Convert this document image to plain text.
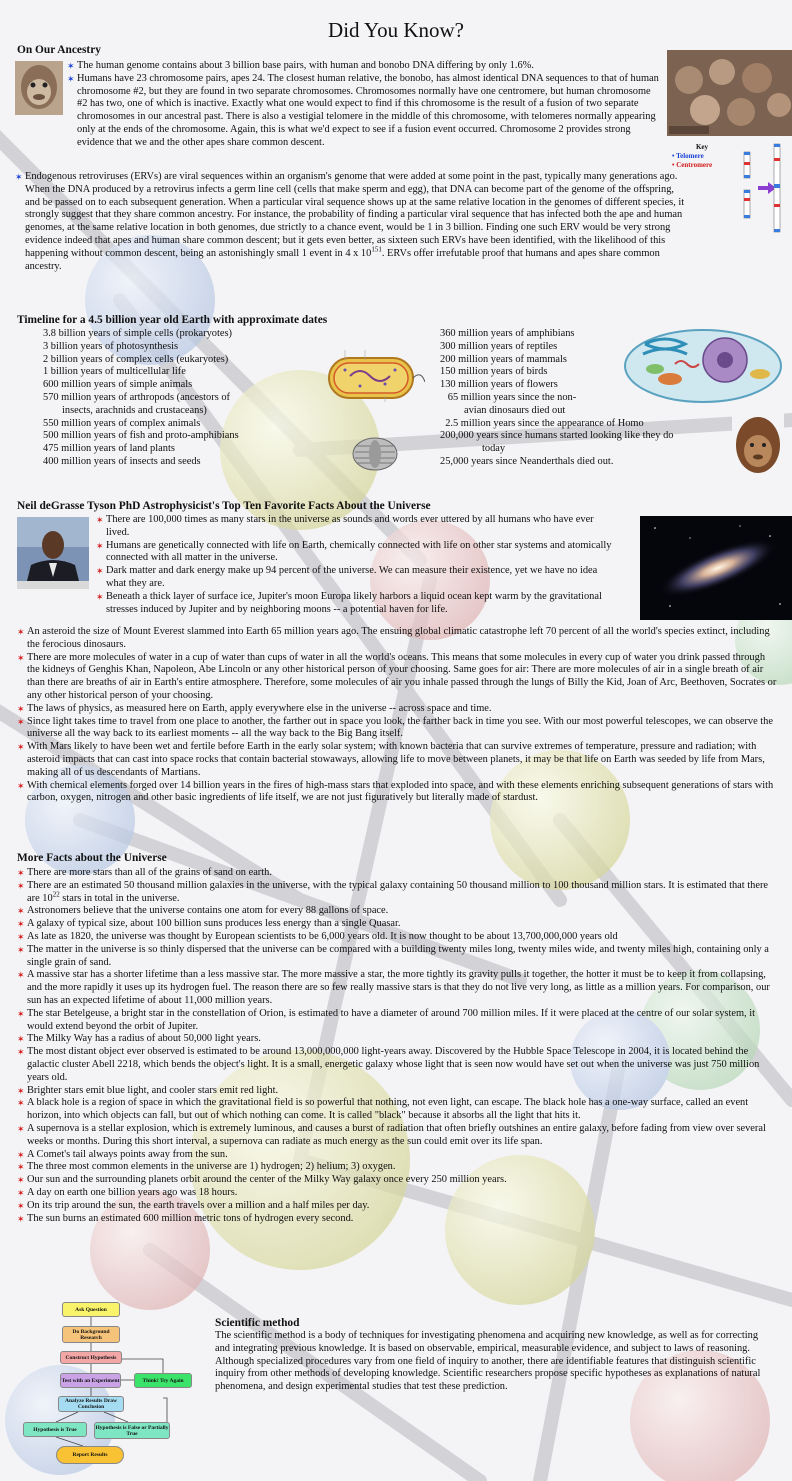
Did You Know?
On Our Ancestry
✶ The human genome contains about 3 billion base pairs, with human and bonobo DNA differing by only 1.6%.
✶ Humans have 23 chromosome pairs, apes 24. The closest human relative, the bonobo, has almost identical DNA sequences to that of human chromosome #2, but they are found in two separate chromosomes. Chromosomes normally have one centromere, but human chromosome #2 has two, one of which is inactive. Exactly what one would expect to find if this chromosome is the result of a fusion of two separate chromosomes in our ancestral past. There is also a vestigial telomere in the middle of this chromosome, with telomeres normally appearing only at the ends of the chromosome. Again, this is what we'd expect to see if a fusion event occurred. Chromosome 2 provides strong evidence that we and the other apes share common descent.	Key
• Telomere
• Centromere
✶ Endogenous retroviruses (ERVs) are viral sequences within an organism's genome that were added at some point in the past, typically many generations ago. When the DNA produced by a retrovirus infects a germ line cell (cells that make sperm and egg), that DNA can become part of the genome of the offspring, and be passed on to each subsequent generation. When a particular viral sequence shows up at the same relative location in the genomes of different species, it strongly suggest that they share common ancestry. For instance, the probability of finding a particular viral sequence that has infected both the ape and human genomes, at the same relative location in both genomes, due strictly to a chance event, would be 1 in 3 billion. Finding one such ERV would be very strong evidence indeed that apes and human share common descent; but it gets even better, as sixteen such ERVs have been identified, with the likelihood of this happening without common descent, being an astonishingly small 1 event in 4 x $10^{151}$. ERVs offer irrefutable proof that humans and apes share common ancestry.
Timeline for a 4.5 billion year old Earth with approximate dates
3.8 billion years of simple cells (prokaryotes)
3 billion years of photosynthesis
2 billion years of complex cells (eukaryotes)
1 billion years of multicellular life
600 million years of simple animals
570 million years of arthropods (ancestors of
insects, arachnids and crustaceans)
550 million years of complex animals
500 million years of fish and proto-amphibians
475 million years of land plants
400 million years of insects and seeds
360 million years of amphibians
300 million years of reptiles
200 million years of mammals
150 million years of birds
130 million years of flowers
65 million years since the non-
avian dinosaurs died out
2.5 million years since the appearance of Homo
200,000 years since humans started looking like they do
today
25,000 years since Neanderthals died out.
Neil deGrasse Tyson PhD Astrophysicist's Top Ten Favorite Facts About the Universe
✶ There are 100,000 times as many stars in the universe as sounds and words ever uttered by all humans who have ever lived.
✶ Humans are genetically connected with life on Earth, chemically connected with life on other star systems and atomically connected with all matter in the universe.
✶ Dark matter and dark energy make up 94 percent of the universe. We can measure their existence, yet we have no idea what they are.
✶ Beneath a thick layer of surface ice, Jupiter's moon Europa likely harbors a liquid ocean kept warm by the gravitational stresses induced by Jupiter and by neighboring moons -- a potential haven for life.
✶ An asteroid the size of Mount Everest slammed into Earth 65 million years ago. The ensuing global climatic catastrophe left 70 percent of all the world's species extinct, including the ferocious dinosaurs.
✶ There are more molecules of water in a cup of water than cups of water in all the world's oceans. This means that some molecules in every cup of water you drink passed through the kidneys of Genghis Khan, Napoleon, Abe Lincoln or any other historical person of your choosing. Same goes for air: There are more molecules of air in a single breath of air than there are breaths of air in Earth's entire atmosphere. Therefore, some molecules of air you inhale passed through the lungs of Billy the Kid, Joan of Arc, Beethoven, Socrates or any other historical person of your choosing.
✶ The laws of physics, as measured here on Earth, apply everywhere else in the universe -- across space and time.
✶ Since light takes time to travel from one place to another, the farther out in space you look, the farther back in time you see. With our most powerful telescopes, we can observe the universe all the way back to its earliest moments -- all the way back to the Big Bang itself.
✶ With Mars likely to have been wet and fertile before Earth in the early solar system; with known bacteria that can survive extremes of temperature, pressure and radiation; with asteroid impacts that can cast into space rocks that contain bacterial stowaways, allowing life to move between planets, it may be that life on Earth was seeded by life from Mars, making all of us descendants of Martians.
✶ With chemical elements forged over 14 billion years in the fires of high-mass stars that exploded into space, and with these elements enriching subsequent generations of stars with carbon, oxygen, nitrogen and other basic ingredients of life itself, we are not just figuratively but literally made of stardust.
More Facts about the Universe
✶ There are more stars than all of the grains of sand on earth.
✶ There are an estimated 50 thousand million galaxies in the universe, with the typical galaxy containing 50 thousand million to 100 thousand million stars. It is estimated that there are $10^{22}$ stars in total in the universe.
✶ Astronomers believe that the universe contains one atom for every 88 gallons of space.
✶ A galaxy of typical size, about 100 billion suns produces less energy than a single Quasar.
✶ As late as 1820, the universe was thought by European scientists to be 6,000 years old. It is now thought to be about 13,700,000,000 years old
✶ The matter in the universe is so thinly dispersed that the universe can be compared with a building twenty miles long, twenty miles wide, and twenty miles high, containing only a single grain of sand.
✶ A massive star has a shorter lifetime than a less massive star. The more massive a star, the more tightly its gravity pulls it together, the hotter it must be to keep it from collapsing, and the more rapidly it uses up its hydrogen fuel. The reason there are so few really massive stars is that they do not live very long, as little as a million years. For comparison, our sun has an expected lifetime of about 11,000 million years.
✶ The star Betelgeuse, a bright star in the constellation of Orion, is estimated to have a diameter of around 700 million miles. If it were placed at the centre of our solar system, it would extend beyond the orbit of Jupiter.
✶ The Milky Way has a radius of about 50,000 light years.
✶ The most distant object ever observed is estimated to be around 13,000,000,000 light-years away. Discovered by the Hubble Space Telescope in 2004, it is located behind the galactic cluster Abell 2218, which bends the object's light. It is a small, energetic galaxy whose light that is seen now would have set out when the universe was just 750 million years old.
✶ Brighter stars emit blue light, and cooler stars emit red light.
✶ A black hole is a region of space in which the gravitational field is so powerful that nothing, not even light, can escape. The black hole has a one-way surface, called an event horizon, into which objects can fall, but out of which nothing can come. It is called "black" because it absorbs all the light that hits it.
✶ A supernova is a stellar explosion, which is extremely luminous, and causes a burst of radiation that often briefly outshines an entire galaxy, before fading from view over several weeks or months. During this short interval, a supernova can radiate as much energy as the sun could emit over its life span.
✶ A Comet's tail always points away from the sun.
✶ The three most common elements in the universe are 1) hydrogen; 2) helium; 3) oxygen.
✶ Our sun and the surrounding planets orbit around the center of the Milky Way galaxy once every 250 million years.
✶ A day on earth one billion years ago was 18 hours.
✶ On its trip around the sun, the earth travels over a million and a half miles per day.
✶ The sun burns an estimated 600 million metric tons of hydrogen every second.
Ask Question
Do Background Research
Construct Hypothesis
Test with an Experiment	Think! Try Again
Analyze Results Draw Conclusion
Hypothesis is True	Hypothesis is False or Partially True
Report Results
Scientific method
The scientific method is a body of techniques for investigating phenomena and acquiring new knowledge, as well as for correcting and integrating previous knowledge. It is based on observable, empirical, measurable evidence, and subject to laws of reasoning. Although specialized procedures vary from one field of inquiry to another, there are identifiable features that distinguish scientific inquiry from other methods of developing knowledge. Scientific researchers propose specific hypotheses as explanations of natural phenomena, and design experimental studies that test these prediction.
